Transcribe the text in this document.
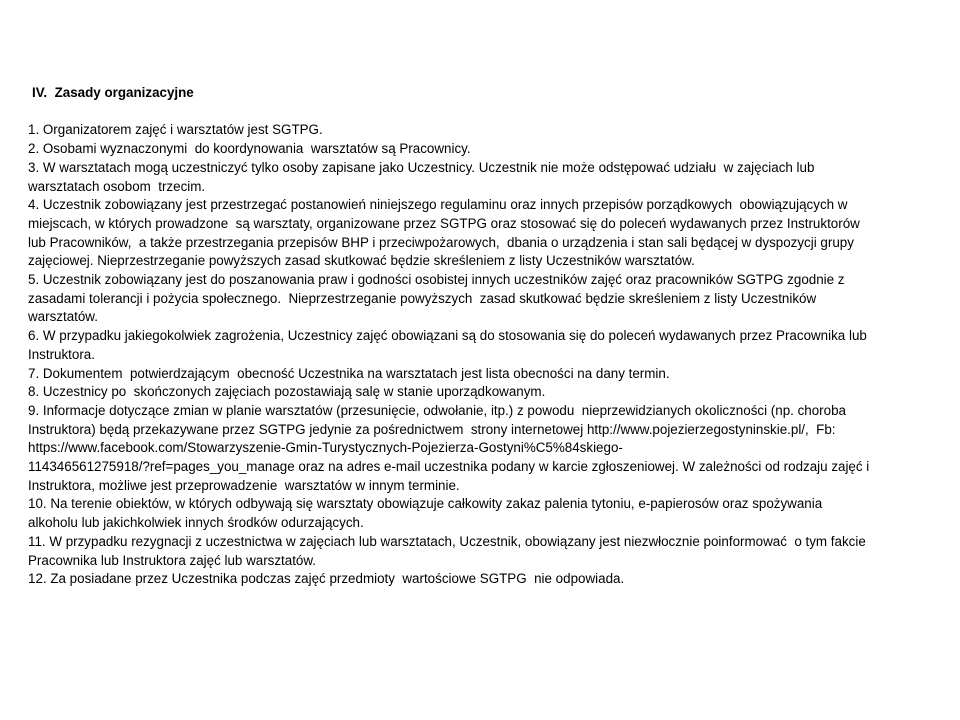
IV.  Zasady organizacyjne
1. Organizatorem zajęć i warsztatów jest SGTPG.
2. Osobami wyznaczonymi  do koordynowania  warsztatów są Pracownicy.
3. W warsztatach mogą uczestniczyć tylko osoby zapisane jako Uczestnicy. Uczestnik nie może odstępować udziału  w zajęciach lub
warsztatach osobom  trzecim.
4. Uczestnik zobowiązany jest przestrzegać postanowień niniejszego regulaminu oraz innych przepisów porządkowych  obowiązujących w
miejscach, w których prowadzone  są warsztaty, organizowane przez SGTPG oraz stosować się do poleceń wydawanych przez Instruktorów
lub Pracowników,  a także przestrzegania przepisów BHP i przeciwpożarowych,  dbania o urządzenia i stan sali będącej w dyspozycji grupy
zajęciowej. Nieprzestrzeganie powyższych zasad skutkować będzie skreśleniem z listy Uczestników warsztatów.
5. Uczestnik zobowiązany jest do poszanowania praw i godności osobistej innych uczestników zajęć oraz pracowników SGTPG zgodnie z
zasadami tolerancji i pożycia społecznego.  Nieprzestrzeganie powyższych  zasad skutkować będzie skreśleniem z listy Uczestników
warsztatów.
6. W przypadku jakiegokolwiek zagrożenia, Uczestnicy zajęć obowiązani są do stosowania się do poleceń wydawanych przez Pracownika lub
Instruktora.
7. Dokumentem  potwierdzającym  obecność Uczestnika na warsztatach jest lista obecności na dany termin.
8. Uczestnicy po  skończonych zajęciach pozostawiają salę w stanie uporządkowanym.
9. Informacje dotyczące zmian w planie warsztatów (przesunięcie, odwołanie, itp.) z powodu  nieprzewidzianych okoliczności (np. choroba
Instruktora) będą przekazywane przez SGTPG jedynie za pośrednictwem  strony internetowej http://www.pojezierzegostyninskie.pl/,  Fb:
https://www.facebook.com/Stowarzyszenie-Gmin-Turystycznych-Pojezierza-Gostyni%C5%84skiego-
114346561275918/?ref=pages_you_manage oraz na adres e-mail uczestnika podany w karcie zgłoszeniowej. W zależności od rodzaju zajęć i
Instruktora, możliwe jest przeprowadzenie  warsztatów w innym terminie.
10. Na terenie obiektów, w których odbywają się warsztaty obowiązuje całkowity zakaz palenia tytoniu, e-papierosów oraz spożywania
alkoholu lub jakichkolwiek innych środków odurzających.
11. W przypadku rezygnacji z uczestnictwa w zajęciach lub warsztatach, Uczestnik, obowiązany jest niezwłocznie poinformować  o tym fakcie
Pracownika lub Instruktora zajęć lub warsztatów.
12. Za posiadane przez Uczestnika podczas zajęć przedmioty  wartościowe SGTPG  nie odpowiada.
